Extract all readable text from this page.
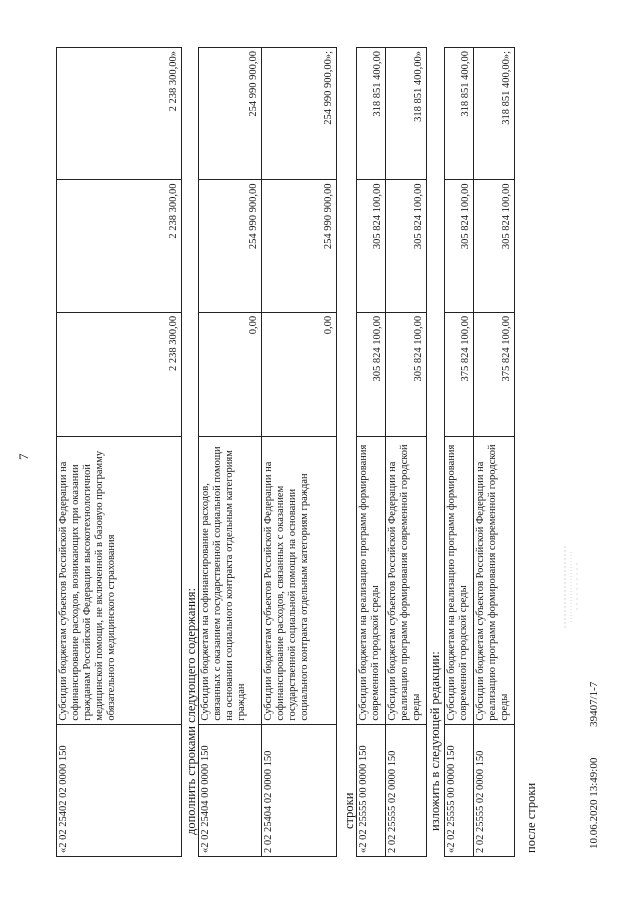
7
«2 02 25402 02 0000 150	Субсидии бюджетам субъектов Российской Федерации на софинансирование расходов, возникающих при оказании гражданам Российской Федерации высокотехнологичной медицинской помощи, не включенной в базовую программу обязательного медицинского страхования	2 238 300,00	2 238 300,00	2 238 300,00»
дополнить строками следующего содержания: «2 02 25404 00 0000 150	Субсидии бюджетам на софинансирование расходов, связанных с оказанием государственной социальной помощи на основании социального контракта отдельным категориям граждан	0,00	254 990 900,00	254 990 900,00
2 02 25404 02 0000 150	Субсидии бюджетам субъектов Российской Федерации на софинансирование расходов, связанных с оказанием государственной социальной помощи на основании социального контракта отдельным категориям граждан	0,00	254 990 900,00	254 990 900,00»;
строки «2 02 25555 00 0000 150	Субсидии бюджетам на реализацию программ формирования современной городской среды	305 824 100,00	305 824 100,00	318 851 400,00
2 02 25555 02 0000 150	Субсидии бюджетам субъектов Российской Федерации на реализацию программ формирования современной городской среды	305 824 100,00	305 824 100,00	318 851 400,00»
изложить в следующей редакции: «2 02 25555 00 0000 150	Субсидии бюджетам на реализацию программ формирования современной городской среды	375 824 100,00	305 824 100,00	318 851 400,00
2 02 25555 02 0000 150	Субсидии бюджетам субъектов Российской Федерации на реализацию программ формирования современной городской среды	375 824 100,00	305 824 100,00	318 851 400,00»;
после строки	10.06.2020 13:49:00 39407/1-7
